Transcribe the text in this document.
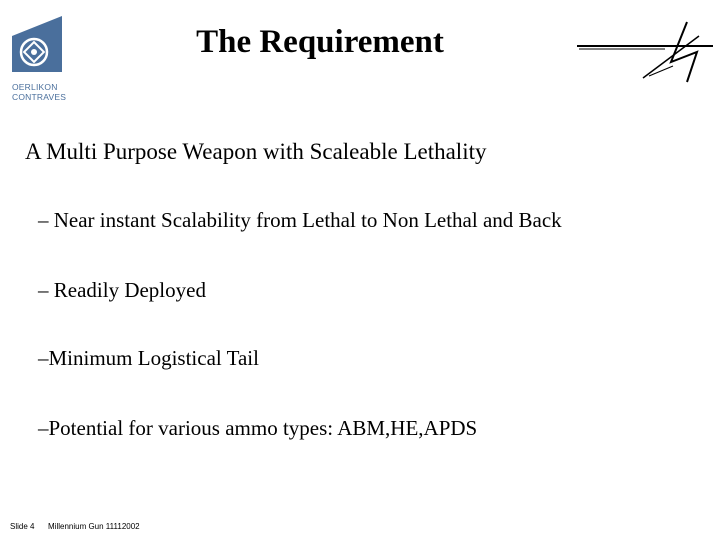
OERLIKON
CONTRAVES
The Requirement
A Multi Purpose Weapon with Scaleable Lethality
– Near instant Scalability from Lethal to Non Lethal and Back
– Readily Deployed
–Minimum Logistical Tail
–Potential for various ammo types: ABM,HE,APDS
Slide 4 Millennium Gun 11112002
